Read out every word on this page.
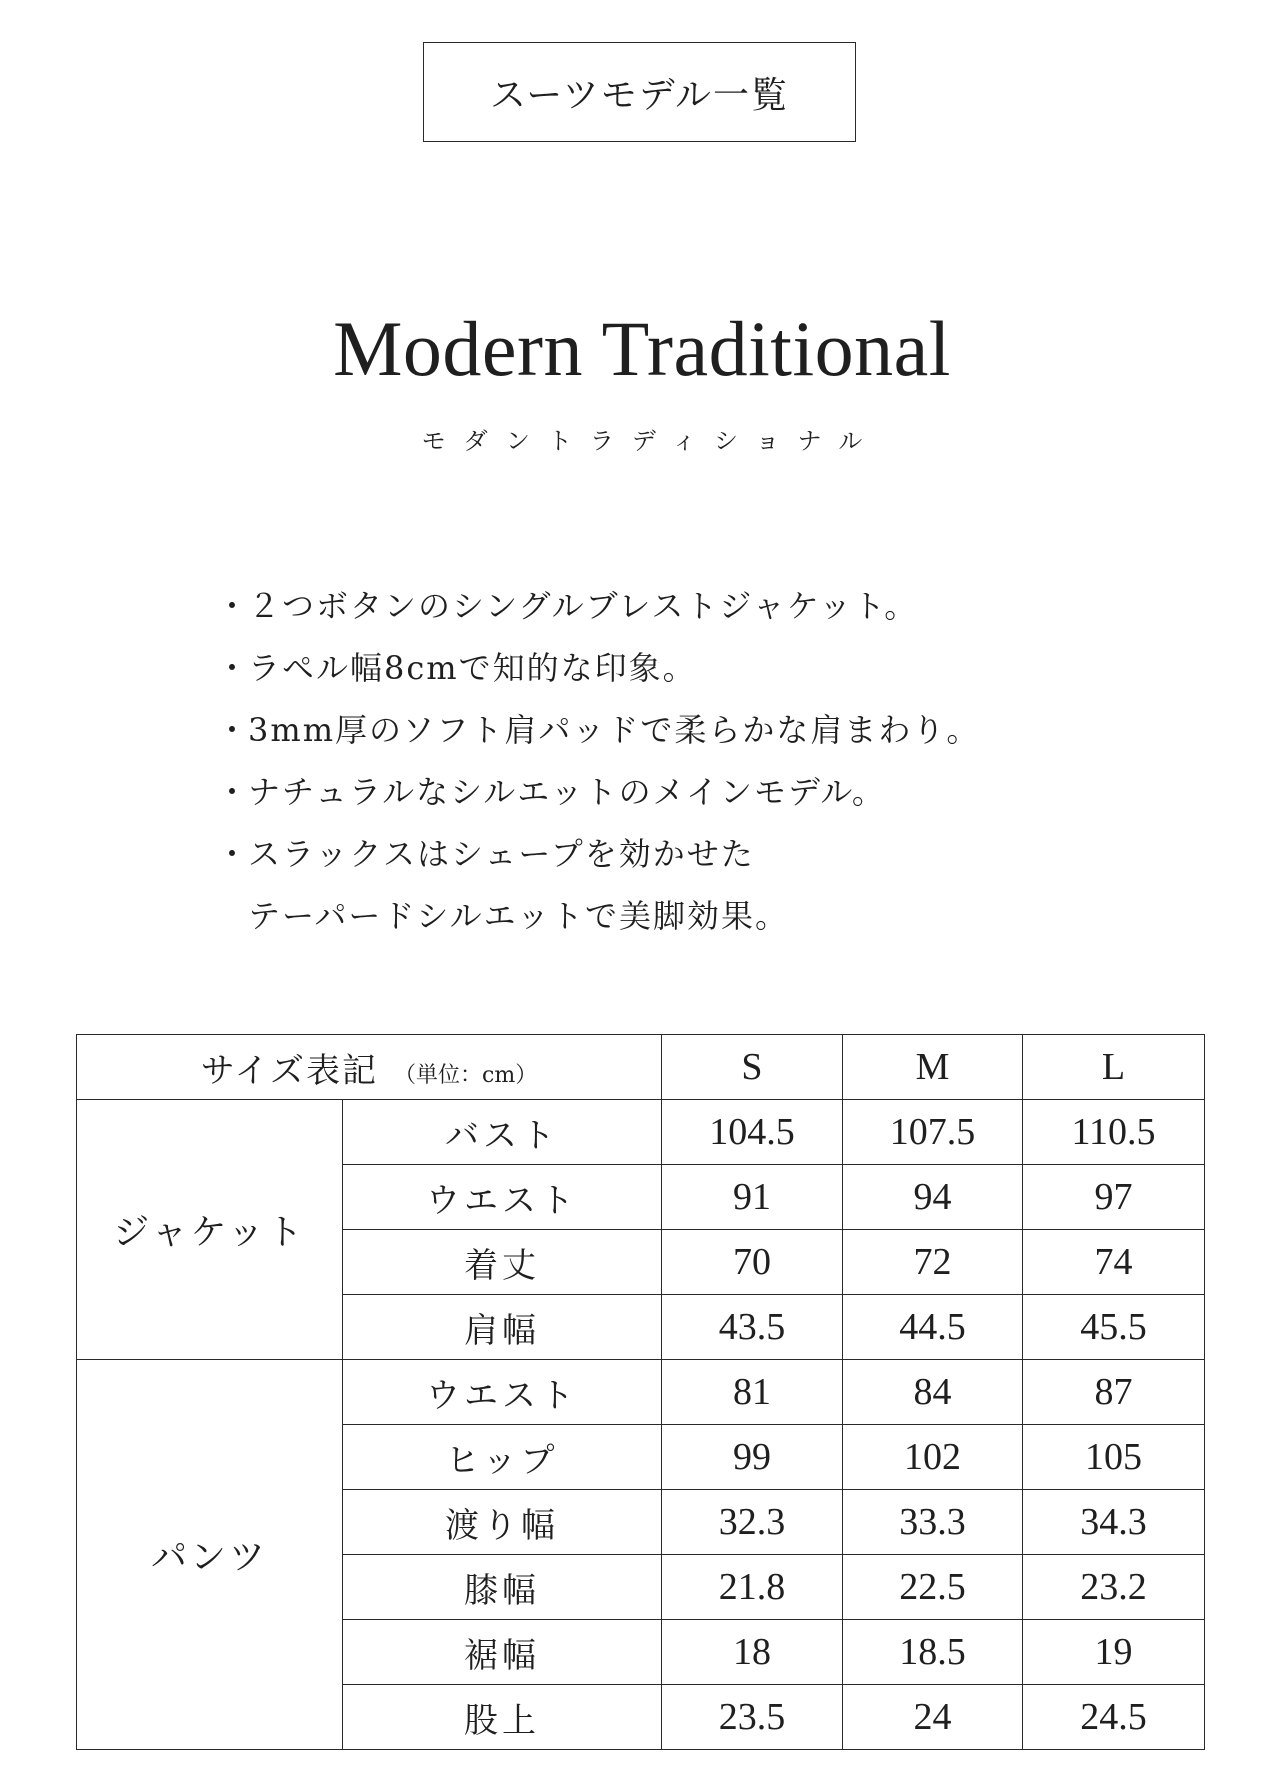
スーツモデル一覧
Modern Traditional
モダントラディショナル
・
２つボタンのシングルブレストジャケット。
・
ラペル幅8cmで知的な印象。
・
3mm厚のソフト肩パッドで柔らかな肩まわり。
・
ナチュラルなシルエットのメインモデル。
・
スラックスはシェープを効かせた
テーパードシルエットで美脚効果。
サイズ表記 （単位：cm）		S	M	L
ジャケット	バスト	104.5	107.5	110.5
	ウエスト	91	94	97
	着丈	70	72	74
	肩幅	43.5	44.5	45.5
パンツ	ウエスト	81	84	87
	ヒップ	99	102	105
	渡り幅	32.3	33.3	34.3
	膝幅	21.8	22.5	23.2
	裾幅	18	18.5	19
	股上	23.5	24	24.5
